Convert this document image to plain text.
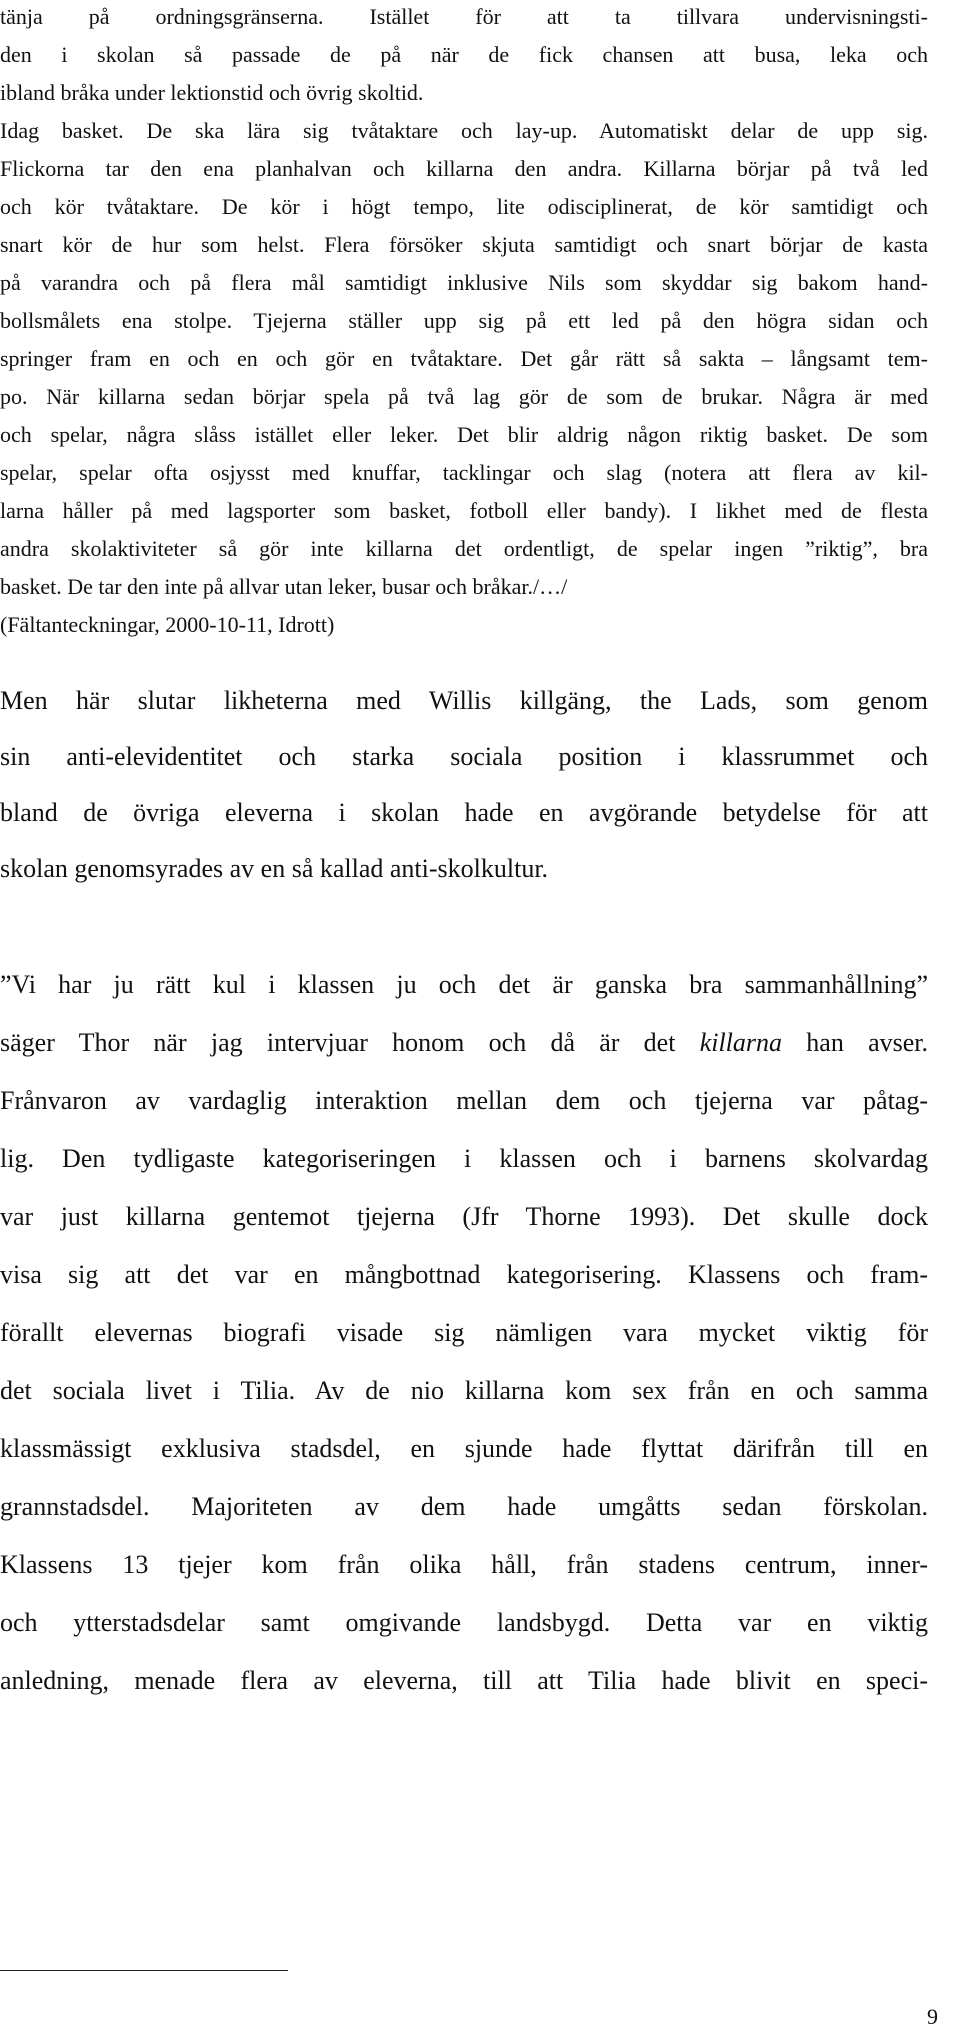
tänja på ordningsgränserna. Istället för att ta tillvara undervisningsti-
den i skolan så passade de på när de fick chansen att busa, leka och
ibland bråka under lektionstid och övrig skoltid.
Idag basket. De ska lära sig tvåtaktare och lay-up. Automatiskt delar de upp sig.
Flickorna tar den ena planhalvan och killarna den andra. Killarna börjar på två led
och kör tvåtaktare. De kör i högt tempo, lite odisciplinerat, de kör samtidigt och
snart kör de hur som helst. Flera försöker skjuta samtidigt och snart börjar de kasta
på varandra och på flera mål samtidigt inklusive Nils som skyddar sig bakom hand-
bollsmålets ena stolpe. Tjejerna ställer upp sig på ett led på den högra sidan och
springer fram en och en och gör en tvåtaktare. Det går rätt så sakta – långsamt tem-
po. När killarna sedan börjar spela på två lag gör de som de brukar. Några är med
och spelar, några slåss istället eller leker. Det blir aldrig någon riktig basket. De som
spelar, spelar ofta osjysst med knuffar, tacklingar och slag (notera att flera av kil-
larna håller på med lagsporter som basket, fotboll eller bandy). I likhet med de flesta
andra skolaktiviteter så gör inte killarna det ordentligt, de spelar ingen ”riktig”, bra
basket. De tar den inte på allvar utan leker, busar och bråkar./…/
(Fältanteckningar, 2000-10-11, Idrott)
Men här slutar likheterna med Willis killgäng, the Lads, som genom
sin anti-elevidentitet och starka sociala position i klassrummet och
bland de övriga eleverna i skolan hade en avgörande betydelse för att
skolan genomsyrades av en så kallad anti-skolkultur.
”Vi har ju rätt kul i klassen ju och det är ganska bra sammanhållning”
säger Thor när jag intervjuar honom och då är det killarna han avser.
Frånvaron av vardaglig interaktion mellan dem och tjejerna var påtag-
lig. Den tydligaste kategoriseringen i klassen och i barnens skolvardag
var just killarna gentemot tjejerna (Jfr Thorne 1993). Det skulle dock
visa sig att det var en mångbottnad kategorisering. Klassens och fram-
förallt elevernas biografi visade sig nämligen vara mycket viktig för
det sociala livet i Tilia. Av de nio killarna kom sex från en och samma
klassmässigt exklusiva stadsdel, en sjunde hade flyttat därifrån till en
grannstadsdel. Majoriteten av dem hade umgåtts sedan förskolan.
Klassens 13 tjejer kom från olika håll, från stadens centrum, inner-
och ytterstadsdelar samt omgivande landsbygd. Detta var en viktig
anledning, menade flera av eleverna, till att Tilia hade blivit en speci-
9
